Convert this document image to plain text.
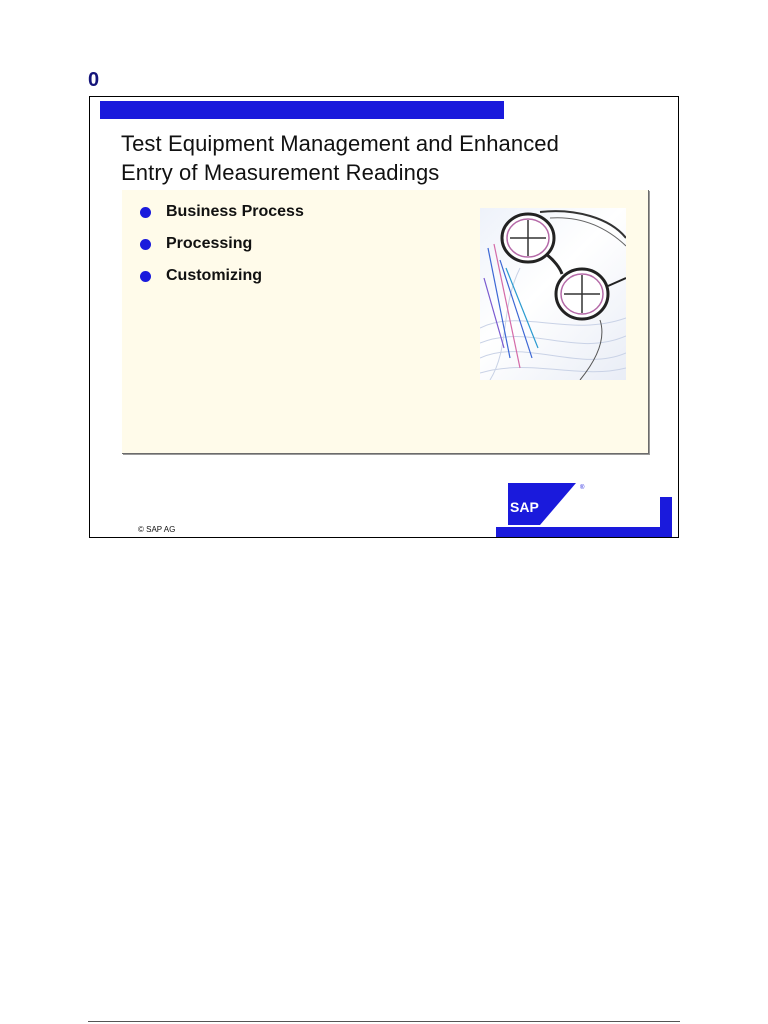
0
Test Equipment Management and Enhanced
Entry of Measurement Readings
Business Process
Processing
Customizing
© SAP AG
®
SAP
